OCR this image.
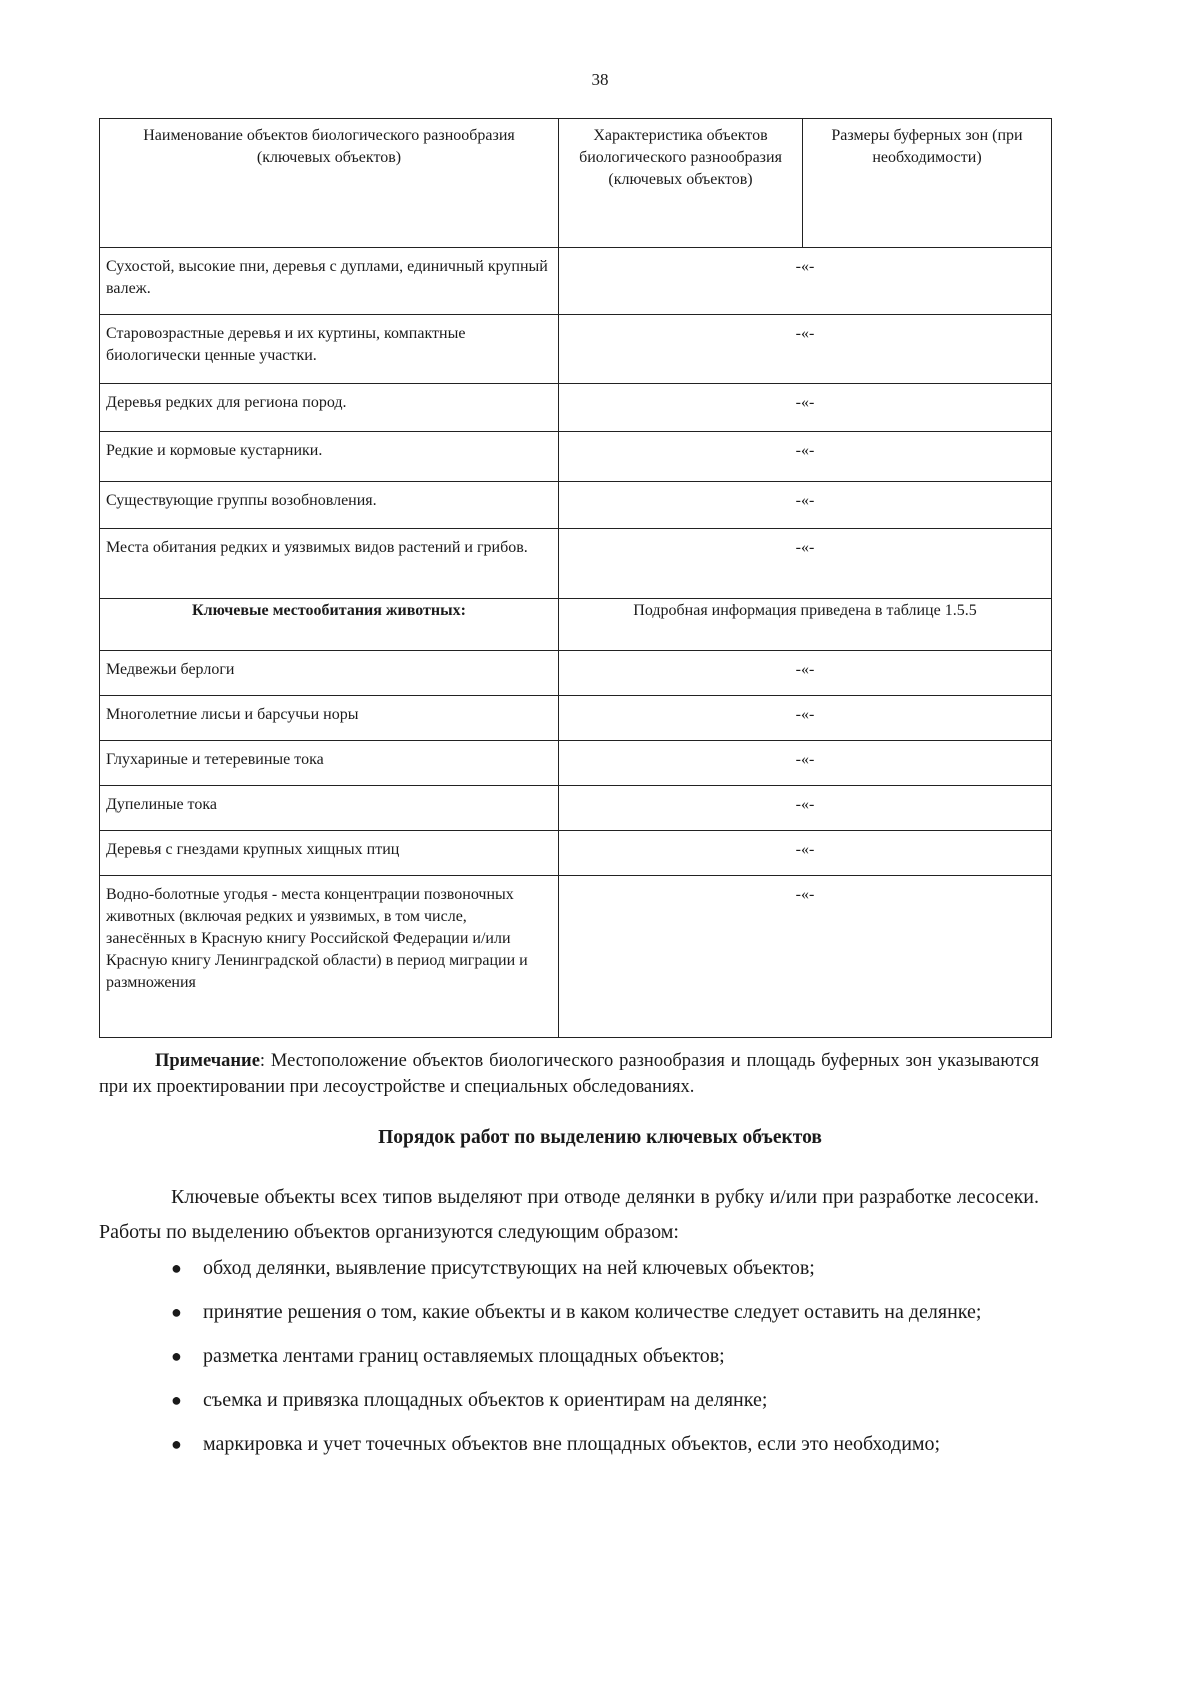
38
Наименование объектов биологического разнообразия (ключевых объектов)	Характеристика объектов биологического разнообразия (ключевых объектов)	Размеры буферных зон (при необходимости)
Сухостой, высокие пни, деревья с дуплами, единичный крупный валеж.	-«-	
Старовозрастные деревья и их куртины, компактные биологически ценные участки.	-«-	
Деревья редких для региона пород.	-«-	
Редкие и кормовые кустарники.	-«-	
Существующие группы возобновления.	-«-	
Места обитания редких и уязвимых видов растений и грибов.	-«-	
Ключевые местообитания животных:	Подробная информация приведена в таблице 1.5.5	
Медвежьи берлоги	-«-	
Многолетние лисьи и барсучьи норы	-«-	
Глухариные и тетеревиные тока	-«-	
Дупелиные тока	-«-	
Деревья с гнездами крупных хищных птиц	-«-	
Водно-болотные угодья - места концентрации позвоночных животных (включая редких и уязвимых, в том числе, занесённых в Красную книгу Российской Федерации и/или Красную книгу Ленинградской области) в период миграции и размножения	-«-	
Примечание: Местоположение объектов биологического разнообразия и площадь буферных зон указываются при их проектировании при лесоустройстве и специальных обследованиях.
Порядок работ по выделению ключевых объектов
Ключевые объекты всех типов выделяют при отводе делянки в рубку и/или при разработке лесосеки. Работы по выделению объектов организуются следующим образом:
● обход делянки, выявление присутствующих на ней ключевых объектов;
● принятие решения о том, какие объекты и в каком количестве следует оставить на делянке;
● разметка лентами границ оставляемых площадных объектов;
● съемка и привязка площадных объектов к ориентирам на делянке;
● маркировка и учет точечных объектов вне площадных объектов, если это необходимо;
